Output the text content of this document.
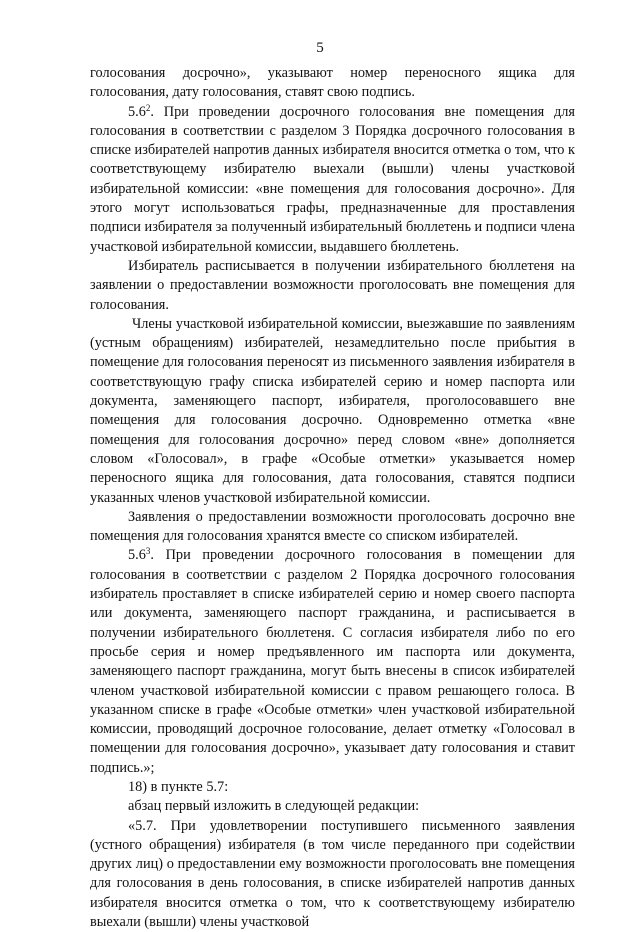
5

голосования досрочно», указывают номер переносного ящика для голосования, дату голосования, ставят свою подпись.

$5.6^2$. При проведении досрочного голосования вне помещения для голосования в соответствии с разделом 3 Порядка досрочного голосования в списке избирателей напротив данных избирателя вносится отметка о том, что к соответствующему избирателю выехали (вышли) члены участковой избирательной комиссии: «вне помещения для голосования досрочно». Для этого могут использоваться графы, предназначенные для проставления подписи избирателя за полученный избирательный бюллетень и подписи члена участковой избирательной комиссии, выдавшего бюллетень.

Избиратель расписывается в получении избирательного бюллетеня на заявлении о предоставлении возможности проголосовать вне помещения для голосования.

Члены участковой избирательной комиссии, выезжавшие по заявлениям (устным обращениям) избирателей, незамедлительно после прибытия в помещение для голосования переносят из письменного заявления избирателя в соответствующую графу списка избирателей серию и номер паспорта или документа, заменяющего паспорт, избирателя, проголосовавшего вне помещения для голосования досрочно. Одновременно отметка «вне помещения для голосования досрочно» перед словом «вне» дополняется словом «Голосовал», в графе «Особые отметки» указывается номер переносного ящика для голосования, дата голосования, ставятся подписи указанных членов участковой избирательной комиссии.

Заявления о предоставлении возможности проголосовать досрочно вне помещения для голосования хранятся вместе со списком избирателей.

$5.6^3$. При проведении досрочного голосования в помещении для голосования в соответствии с разделом 2 Порядка досрочного голосования избиратель проставляет в списке избирателей серию и номер своего паспорта или документа, заменяющего паспорт гражданина, и расписывается в получении избирательного бюллетеня. С согласия избирателя либо по его просьбе серия и номер предъявленного им паспорта или документа, заменяющего паспорт гражданина, могут быть внесены в список избирателей членом участковой избирательной комиссии с правом решающего голоса. В указанном списке в графе «Особые отметки» член участковой избирательной комиссии, проводящий досрочное голосование, делает отметку «Голосовал в помещении для голосования досрочно», указывает дату голосования и ставит подпись.»;

18) в пункте 5.7:

абзац первый изложить в следующей редакции:

«5.7. При удовлетворении поступившего письменного заявления (устного обращения) избирателя (в том числе переданного при содействии других лиц) о предоставлении ему возможности проголосовать вне помещения для голосования в день голосования, в списке избирателей напротив данных избирателя вносится отметка о том, что к соответствующему избирателю выехали (вышли) члены участковой
